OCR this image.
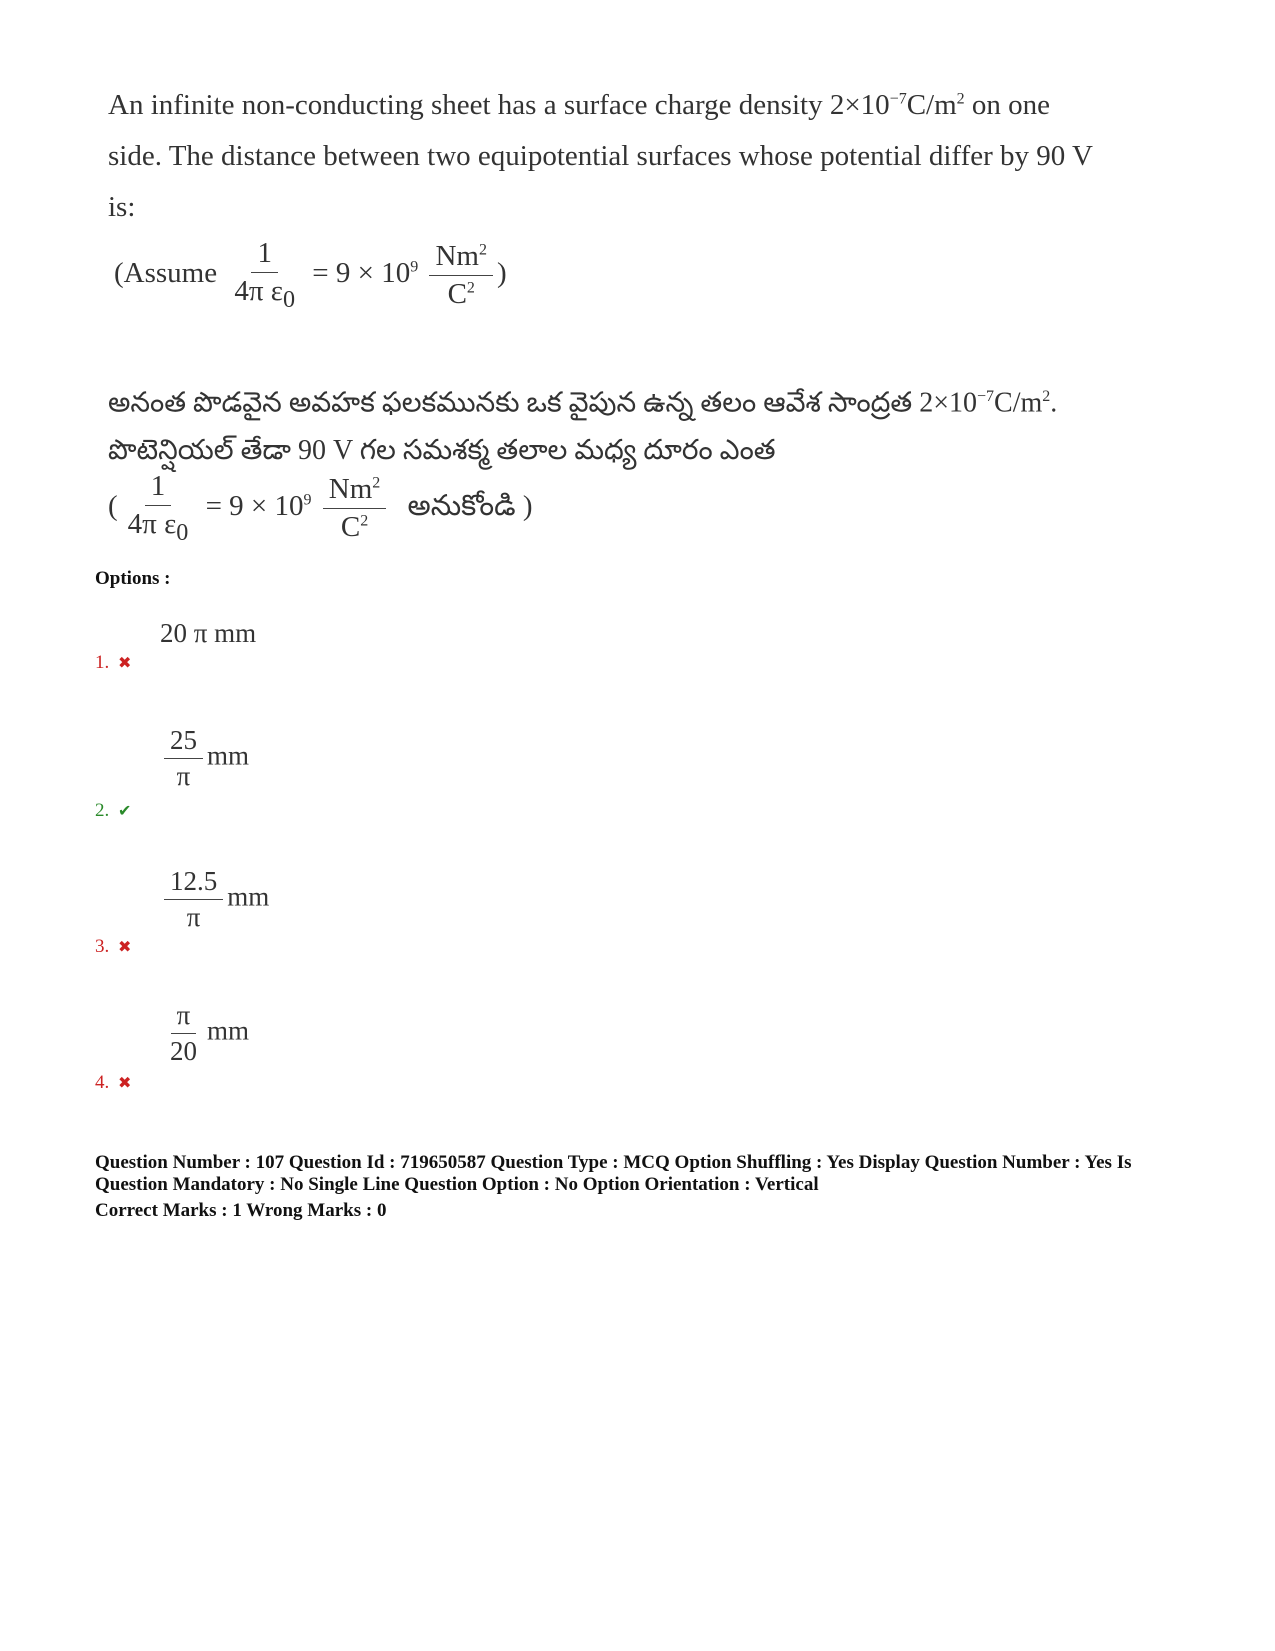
An infinite non-conducting sheet has a surface charge density $2\times 10^{-7}C/m^2$ on one
side. The distance between two equipotential surfaces whose potential differ by 90 V
is:
(Assume $\frac{1}{4\pi \varepsilon_0} = 9 \times 10^9 \frac{Nm^2}{C^2}$ )
అనంత పొడవైన అవహక ఫలకమునకు ఒక వైపున ఉన్న తలం ఆవేశ సాంద్రత $2\times 10^{-7}C/m^2$.
పొటెన్షియల్ తేడా 90 V గల సమశక్మ తలాల మధ్య దూరం ఎంత
( $\frac{1}{4\pi \varepsilon_0} = 9 \times 10^9 \frac{Nm^2}{C^2}$ అనుకోండి )
Options :
20 π mm
1. ✖
$\frac{25}{\pi}$ mm
2. ✔
$\frac{12.5}{\pi}$ mm
3. ✖
$\frac{\pi}{20}$ mm
4. ✖

Question Number : 107 Question Id : 719650587 Question Type : MCQ Option Shuffling : Yes Display Question Number : Yes Is

Question Mandatory : No Single Line Question Option : No Option Orientation : Vertical

Correct Marks : 1 Wrong Marks : 0
